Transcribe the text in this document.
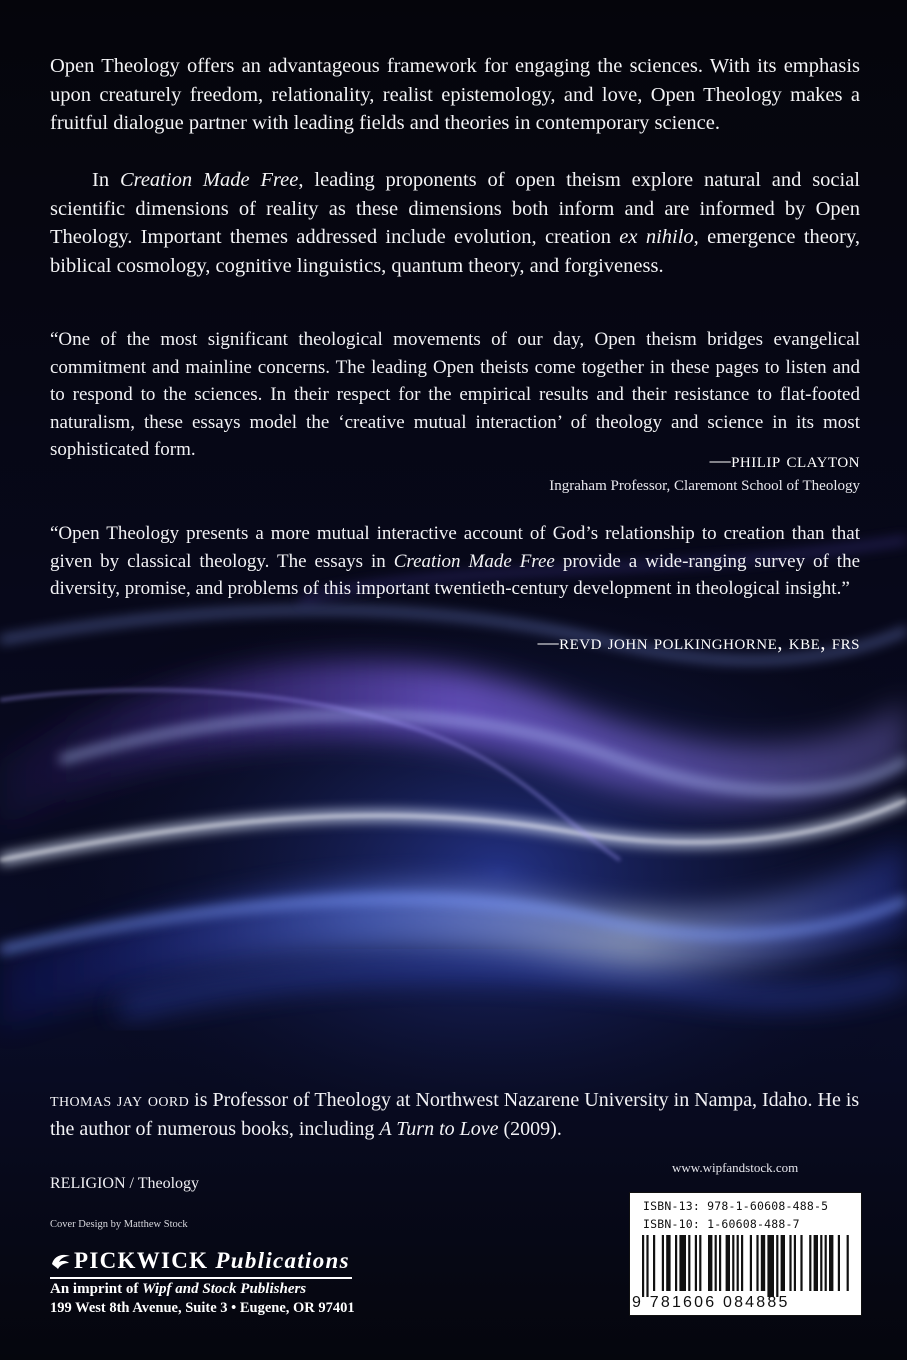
Open Theology offers an advantageous framework for engaging the sciences. With its emphasis upon creaturely freedom, relationality, realist epistemology, and love, Open Theology makes a fruitful dialogue partner with leading fields and theories in contemporary science.
In Creation Made Free, leading proponents of open theism explore natural and social scientific dimensions of reality as these dimensions both inform and are informed by Open Theology. Important themes addressed include evolution, creation ex nihilo, emergence theory, biblical cosmology, cognitive linguistics, quantum theory, and forgiveness.
“One of the most significant theological movements of our day, Open theism bridges evangelical commitment and mainline concerns. The leading Open theists come together in these pages to listen and to respond to the sciences. In their respect for the empirical results and their resistance to flat-footed naturalism, these essays model the ‘creative mutual interaction’ of theology and science in its most sophisticated form.	—philip clayton
Ingraham Professor, Claremont School of Theology
“Open Theology presents a more mutual interactive account of God’s relationship to creation than that given by classical theology. The essays in Creation Made Free provide a wide-ranging survey of the diversity, promise, and problems of this important twentieth-century development in theological insight.”
—revd john polkinghorne, kbe, frs
thomas jay oord is Professor of Theology at Northwest Nazarene University in Nampa, Idaho. He is the author of numerous books, including A Turn to Love (2009).
RELIGION / Theology
Cover Design by Matthew Stock
PICKWICK Publications
An imprint of Wipf and Stock Publishers
199 West 8th Avenue, Suite 3 • Eugene, OR 97401
www.wipfandstock.com
ISBN-13: 978-1-60608-488-5
ISBN-10: 1-60608-488-7
9 781606 084885
